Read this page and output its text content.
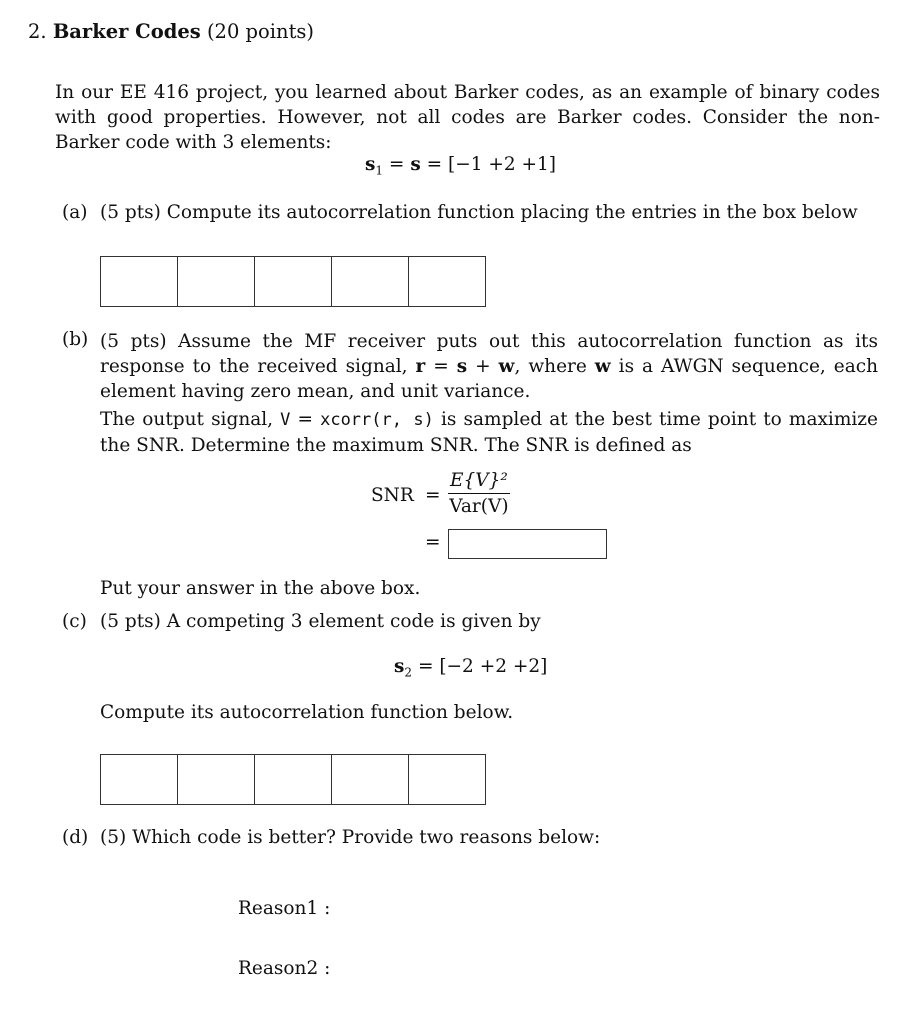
2. Barker Codes (20 points)
In our EE 416 project, you learned about Barker codes, as an example of binary codes with good properties. However, not all codes are Barker codes. Consider the non-Barker code with 3 elements:
$s_1 = s = [-1 +2 +1]$
(a) (5 pts) Compute its autocorrelation function placing the entries in the box below
(b) (5 pts) Assume the MF receiver puts out this autocorrelation function as its response to the received signal, r = s + w, where w is a AWGN sequence, each element having zero mean, and unit variance.
The output signal, V = xcorr(r, s) is sampled at the best time point to maximize the SNR. Determine the maximum SNR. The SNR is defined as
SNR =
E{V}²
Var(V)
=
Put your answer in the above box.
(c) (5 pts) A competing 3 element code is given by
$s_2 = [-2 +2 +2]$
Compute its autocorrelation function below.
(d) (5) Which code is better? Provide two reasons below:
Reason1 :
Reason2 :
